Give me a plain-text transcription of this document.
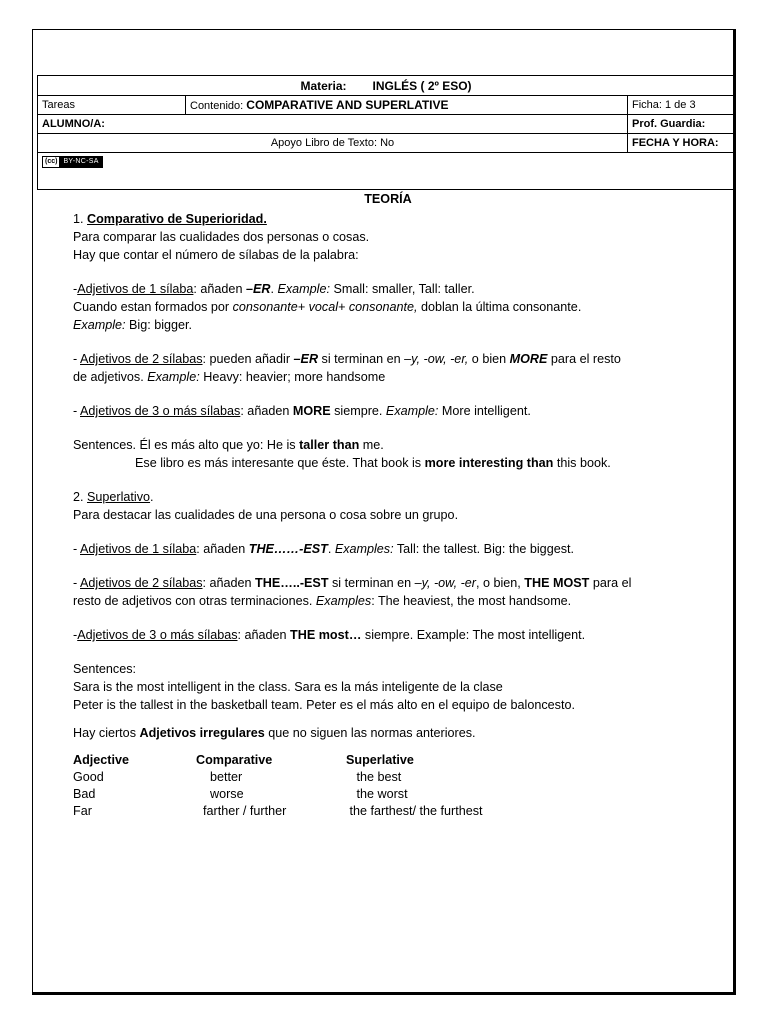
Materia: INGLÉS ( 2º ESO)		
Tareas	Contenido: COMPARATIVE AND SUPERLATIVE	Ficha: 1 de 3
ALUMNO/A:		Prof. Guardia:
Apoyo Libro de Texto: No		FECHA Y HORA:

(cc) BY-NC-SA		

TEORÍA

1. Comparativo de Superioridad.

Para comparar las cualidades dos personas o cosas.

Hay que contar el número de sílabas de la palabra:

-Adjetivos de 1 sílaba: añaden –ER. Example: Small: smaller, Tall: taller.

Cuando estan formados por consonante+ vocal+ consonante, doblan la última consonante.

Example: Big: bigger.

- Adjetivos de 2 sílabas: pueden añadir –ER si terminan en –y, -ow, -er, o bien MORE para el resto

de adjetivos. Example: Heavy: heavier; more handsome

- Adjetivos de 3 o más sílabas: añaden MORE siempre. Example: More intelligent.

Sentences. Él es más alto que yo: He is taller than me.

Ese libro es más interesante que éste. That book is more interesting than this book.

2. Superlativo.

Para destacar las cualidades de una persona o cosa sobre un grupo.

- Adjetivos de 1 sílaba: añaden THE……-EST. Examples: Tall: the tallest. Big: the biggest.

- Adjetivos de 2 sílabas: añaden THE…..-EST si terminan en –y, -ow, -er, o bien, THE MOST para el

resto de adjetivos con otras terminaciones. Examples: The heaviest, the most handsome.

-Adjetivos de 3 o más sílabas: añaden THE most… siempre. Example: The most intelligent.

Sentences:

Sara is the most intelligent in the class. Sara es la más inteligente de la clase

Peter is the tallest in the basketball team. Peter es el más alto en el equipo de baloncesto.

Hay ciertos Adjetivos irregulares que no siguen las normas anteriores.

Adjective	Comparative	Superlative
Good	better	the best
Bad	worse	the worst
Far	farther / further	the farthest/ the furthest
